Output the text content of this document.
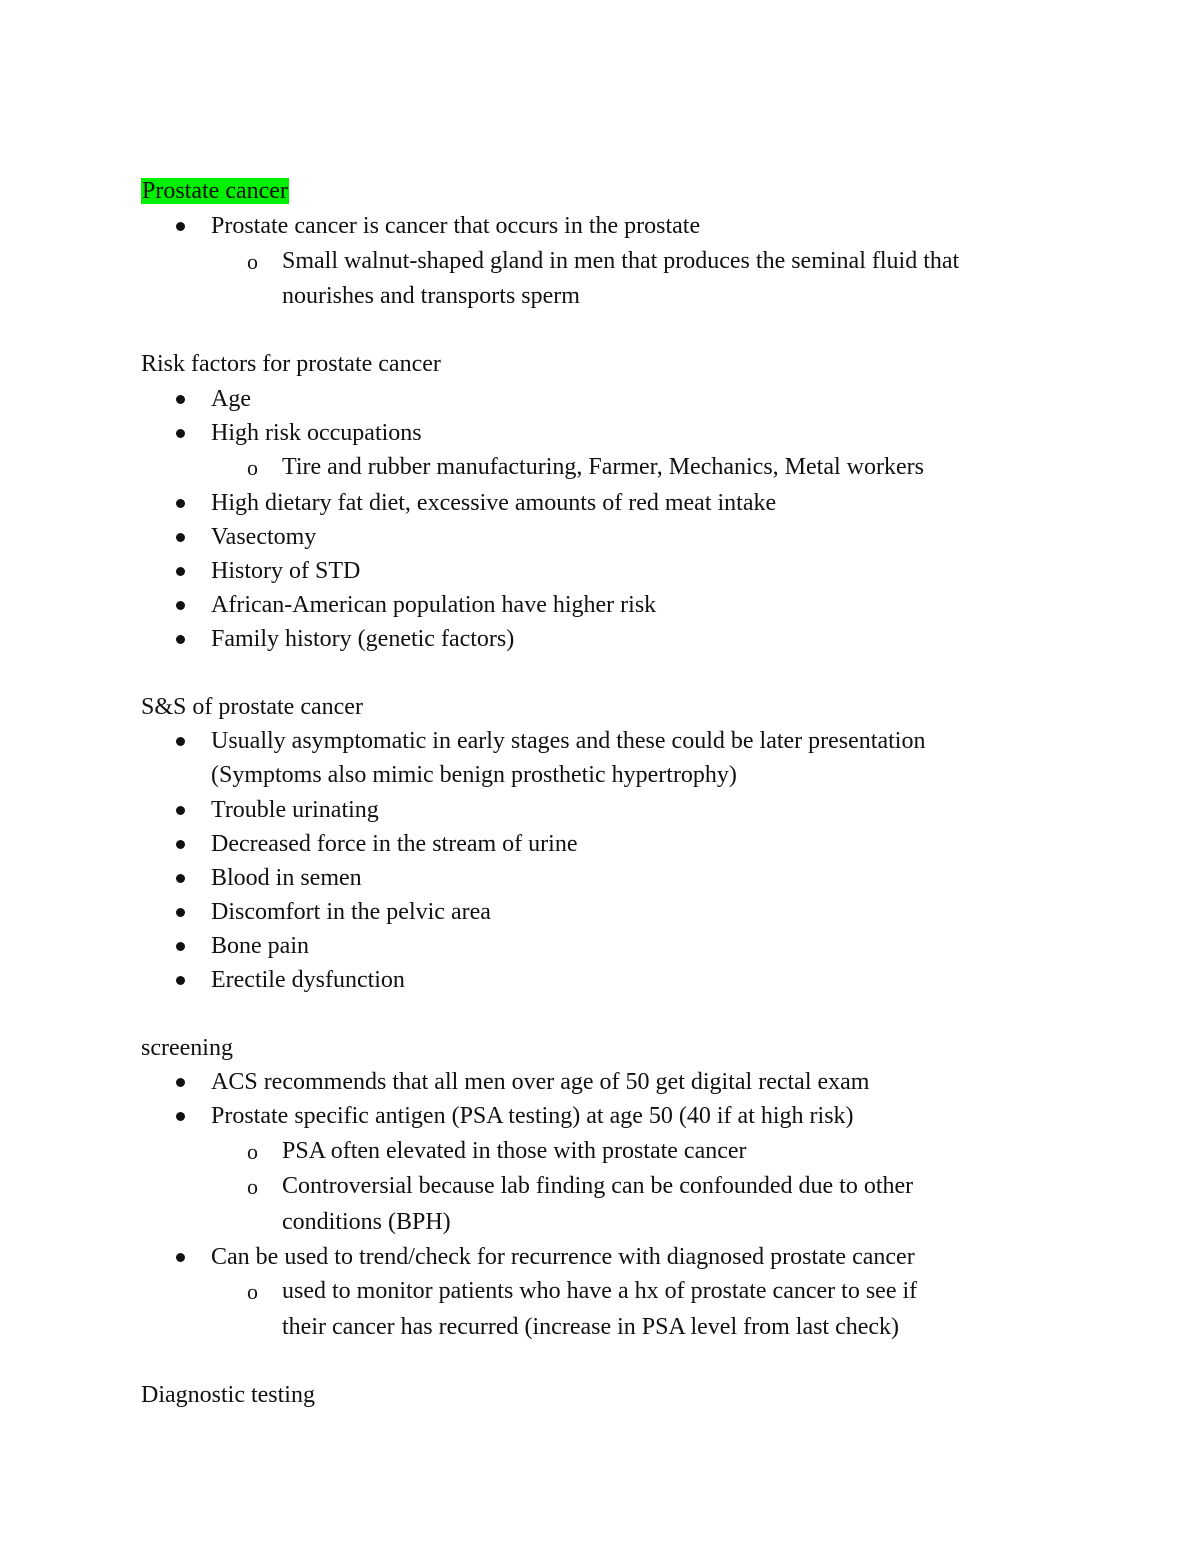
Prostate cancer
Prostate cancer is cancer that occurs in the prostate
o Small walnut-shaped gland in men that produces the seminal fluid that
nourishes and transports sperm
Risk factors for prostate cancer
Age
High risk occupations
o Tire and rubber manufacturing, Farmer, Mechanics, Metal workers
High dietary fat diet, excessive amounts of red meat intake
Vasectomy
History of STD
African-American population have higher risk
Family history (genetic factors)
S&S of prostate cancer
Usually asymptomatic in early stages and these could be later presentation
(Symptoms also mimic benign prosthetic hypertrophy)
Trouble urinating
Decreased force in the stream of urine
Blood in semen
Discomfort in the pelvic area
Bone pain
Erectile dysfunction
screening
ACS recommends that all men over age of 50 get digital rectal exam
Prostate specific antigen (PSA testing) at age 50 (40 if at high risk)
o PSA often elevated in those with prostate cancer
o Controversial because lab finding can be confounded due to other
conditions (BPH)
Can be used to trend/check for recurrence with diagnosed prostate cancer
o used to monitor patients who have a hx of prostate cancer to see if
their cancer has recurred (increase in PSA level from last check)
Diagnostic testing
